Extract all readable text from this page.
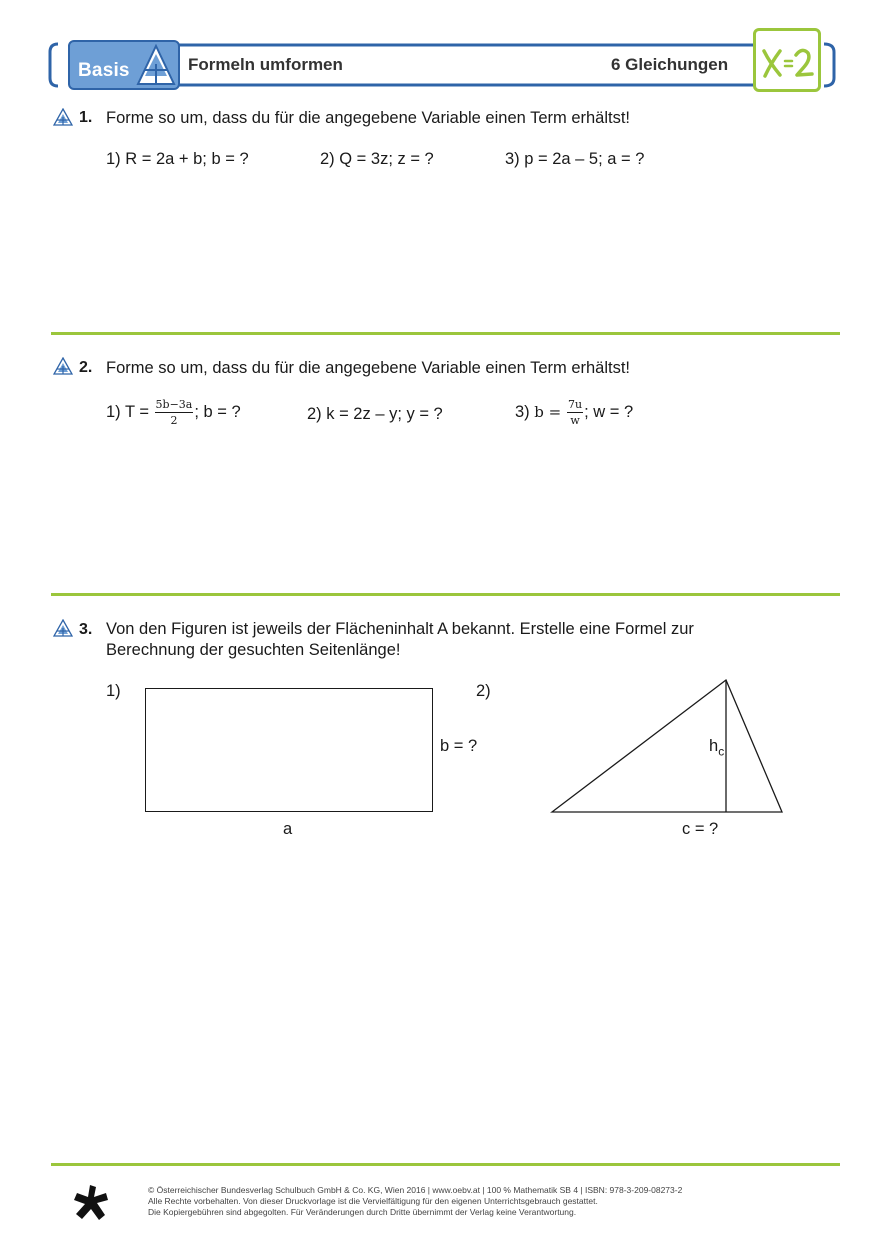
Basis	Formeln umformen	6 Gleichungen
1. Forme so um, dass du für die angegebene Variable einen Term erhältst!
1) R = 2a + b; b = ?	2) Q = 3z; z = ?	3) p = 2a – 5; a = ?
2. Forme so um, dass du für die angegebene Variable einen Term erhältst!
1) $T = \frac{5b-3a}{2}$ ; b = ?	2) k = 2z – y; y = ?	3) $b = \frac{7u}{w}$ ; w = ?
3. Von den Figuren ist jeweils der Flächeninhalt A bekannt. Erstelle eine Formel zur
Berechnung der gesuchten Seitenlänge!
1)
b = ?
a
2)
$h_c$
c = ?
© Österreichischer Bundesverlag Schulbuch GmbH & Co. KG, Wien 2016 | www.oebv.at | 100 % Mathematik SB 4 | ISBN: 978-3-209-08273-2
Alle Rechte vorbehalten. Von dieser Druckvorlage ist die Vervielfältigung für den eigenen Unterrichtsgebrauch gestattet.
Die Kopiergebühren sind abgegolten. Für Veränderungen durch Dritte übernimmt der Verlag keine Verantwortung.
